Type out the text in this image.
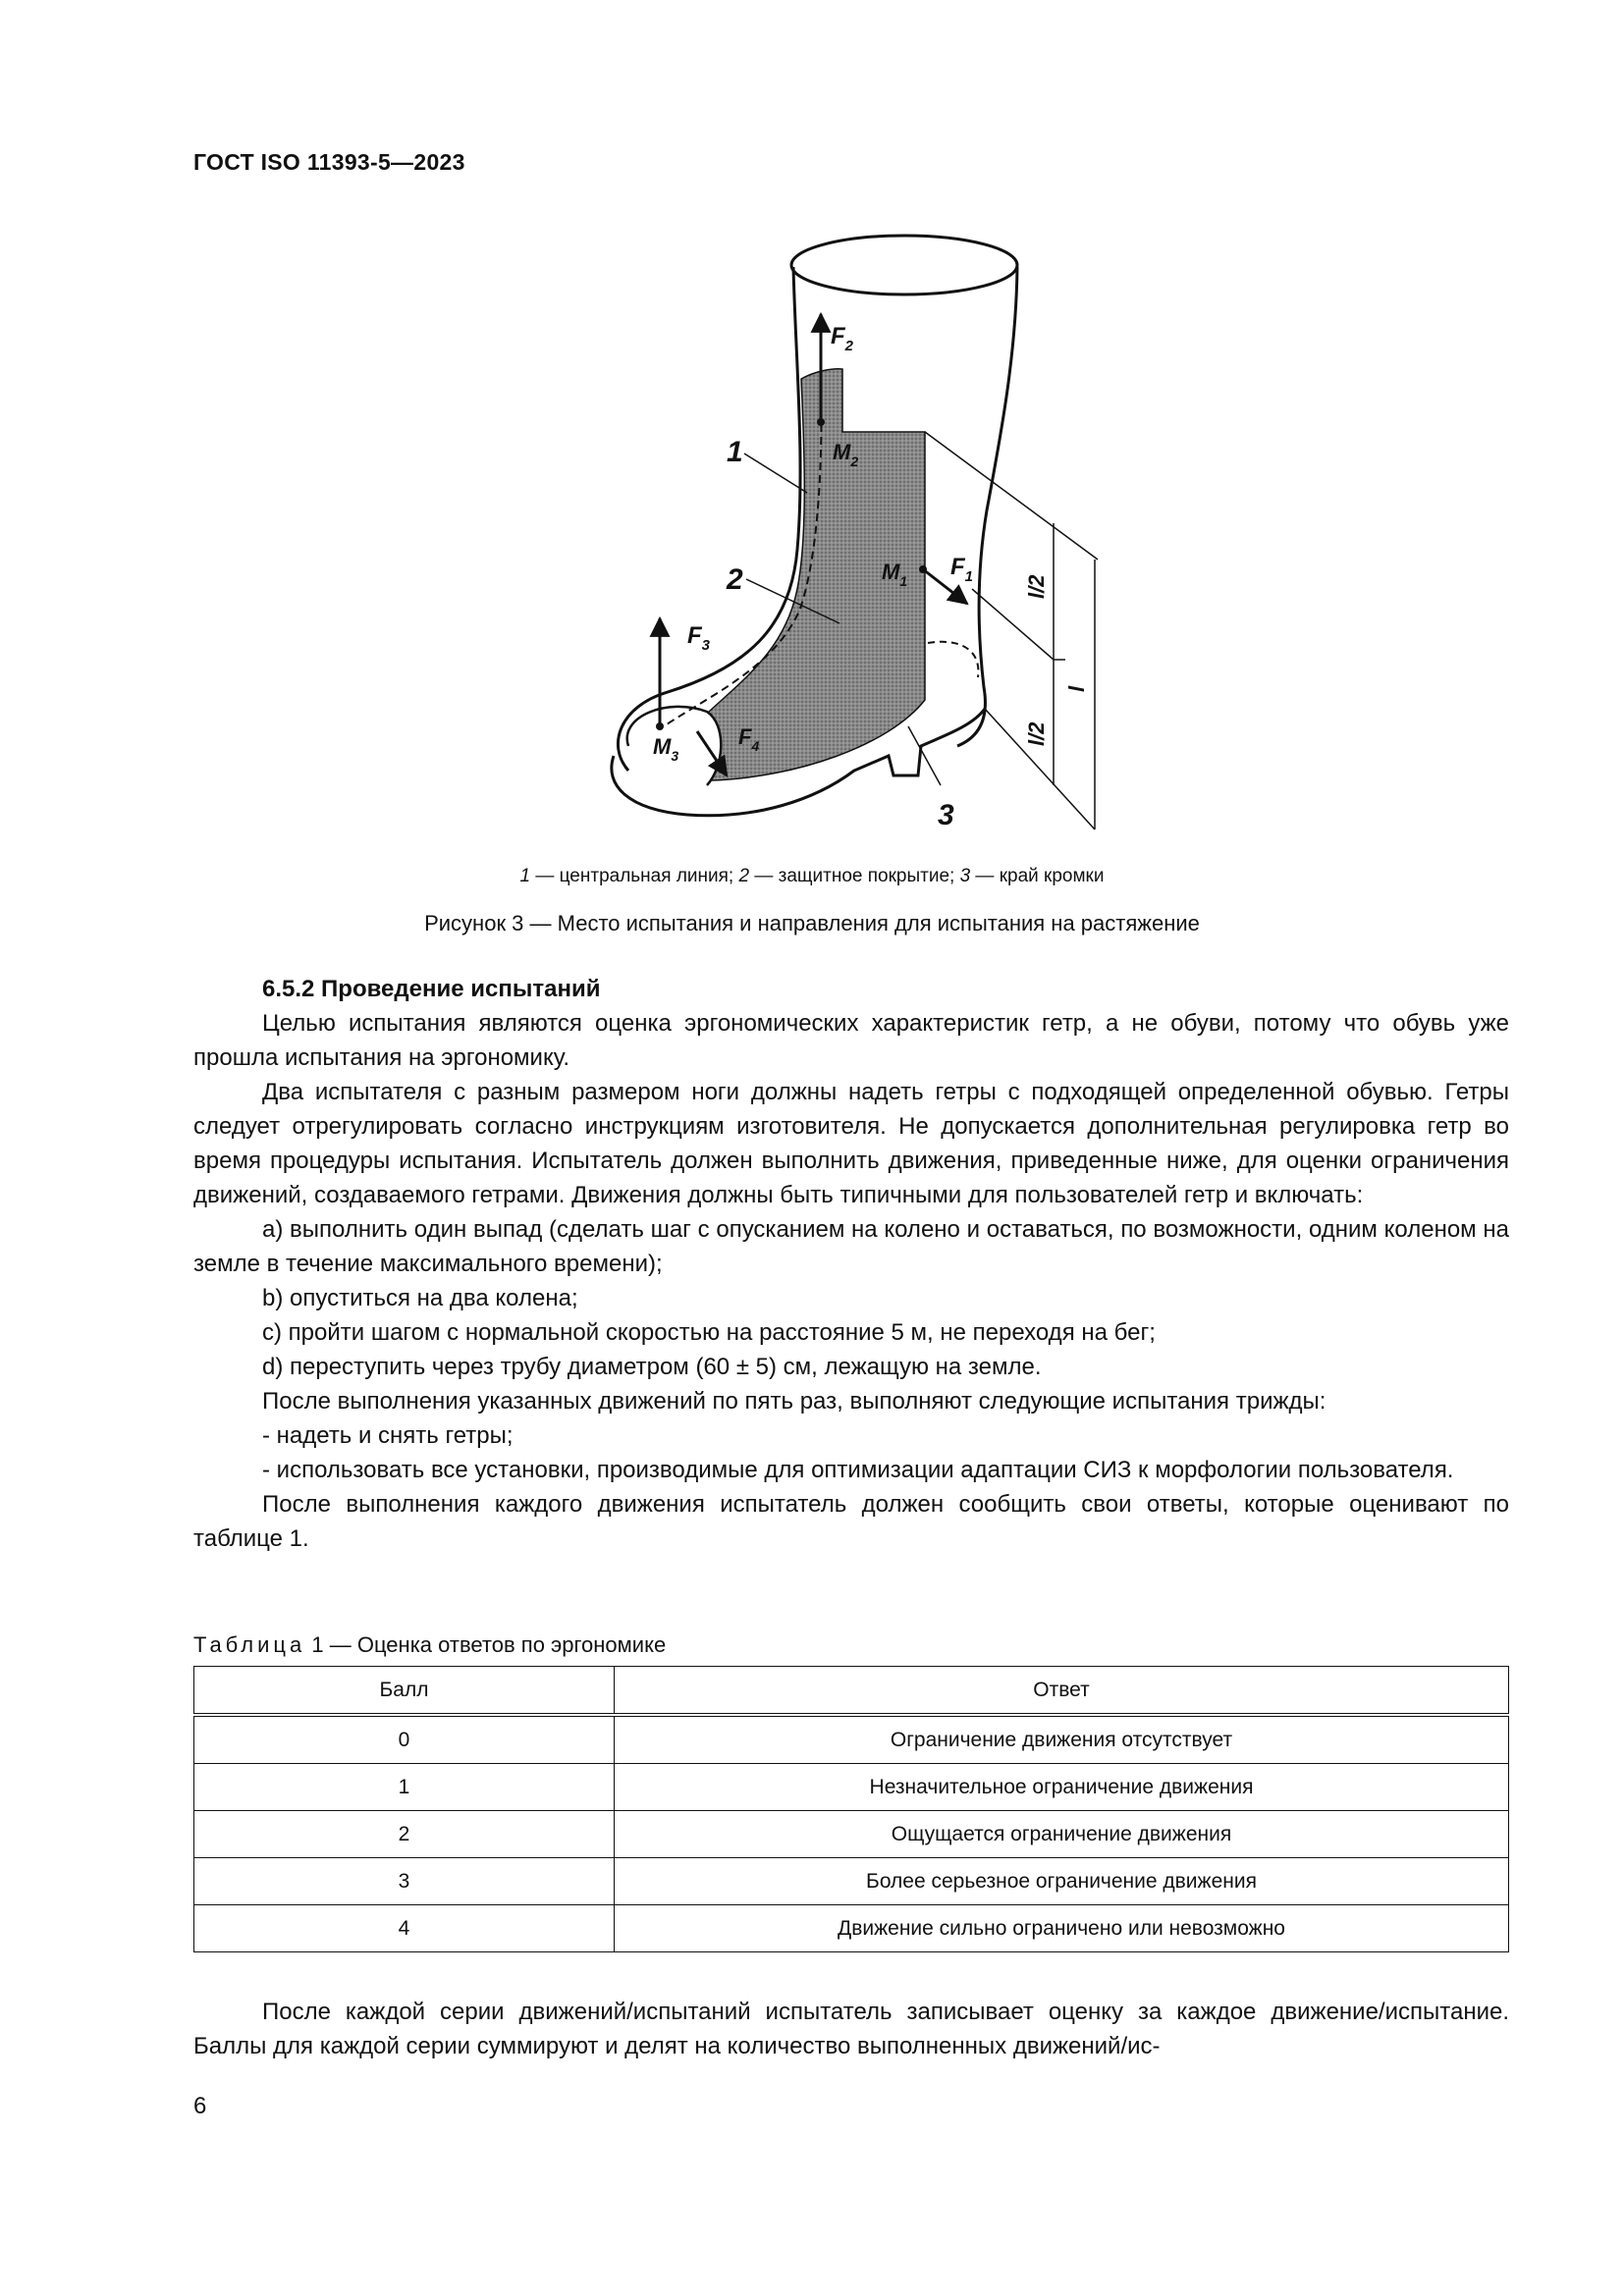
ГОСТ ISO 11393-5—2023
1
2
3
$F_2$
$M_2$
$M_1$
$F_1$
$F_3$
$M_3$
$F_4$
l/2
l/2
l
1 — центральная линия; 2 — защитное покрытие; 3 — край кромки
Рисунок 3 — Место испытания и направления для испытания на растяжение

6.5.2 Проведение испытаний

Целью испытания являются оценка эргономических характеристик гетр, а не обуви, потому что обувь уже прошла испытания на эргономику.

Два испытателя с разным размером ноги должны надеть гетры с подходящей определенной обувью. Гетры следует отрегулировать согласно инструкциям изготовителя. Не допускается дополнительная регулировка гетр во время процедуры испытания. Испытатель должен выполнить движения, приведенные ниже, для оценки ограничения движений, создаваемого гетрами. Движения должны быть типичными для пользователей гетр и включать:

a) выполнить один выпад (сделать шаг с опусканием на колено и оставаться, по возможности, одним коленом на земле в течение максимального времени);

b) опуститься на два колена;

c) пройти шагом с нормальной скоростью на расстояние 5 м, не переходя на бег;

d) переступить через трубу диаметром (60 ± 5) см, лежащую на земле.

После выполнения указанных движений по пять раз, выполняют следующие испытания трижды:

- надеть и снять гетры;

- использовать все установки, производимые для оптимизации адаптации СИЗ к морфологии пользователя.

После выполнения каждого движения испытатель должен сообщить свои ответы, которые оценивают по таблице 1.

Таблица 1 — Оценка ответов по эргономике
Балл	Ответ
0	Ограничение движения отсутствует
1	Незначительное ограничение движения
2	Ощущается ограничение движения
3	Более серьезное ограничение движения
4	Движение сильно ограничено или невозможно

После каждой серии движений/испытаний испытатель записывает оценку за каждое движение/испытание. Баллы для каждой серии суммируют и делят на количество выполненных движений/ис-

6
